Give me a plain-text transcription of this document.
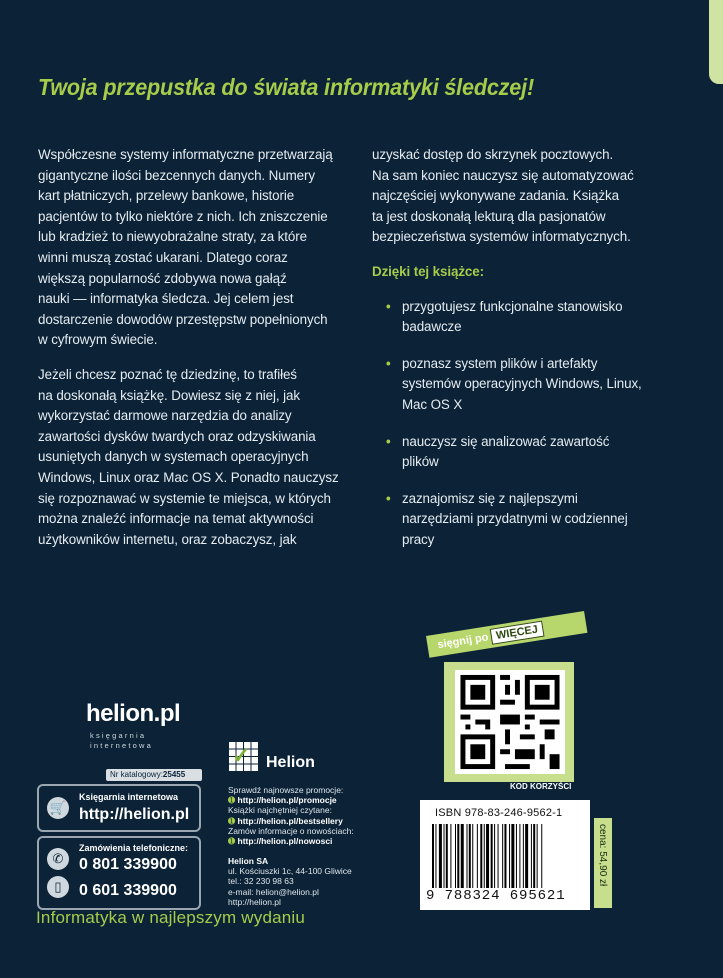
Twoja przepustka do świata informatyki śledczej!

Współczesne systemy informatyczne przetwarzają
gigantyczne ilości bezcennych danych. Numery
kart płatniczych, przelewy bankowe, historie
pacjentów to tylko niektóre z nich. Ich zniszczenie
lub kradzież to niewyobrażalne straty, za które
winni muszą zostać ukarani. Dlatego coraz
większą popularność zdobywa nowa gałąź
nauki — informatyka śledcza. Jej celem jest
dostarczenie dowodów przestępstw popełnionych
w cyfrowym świecie.

Jeżeli chcesz poznać tę dziedzinę, to trafiłeś
na doskonałą książkę. Dowiesz się z niej, jak
wykorzystać darmowe narzędzia do analizy
zawartości dysków twardych oraz odzyskiwania
usuniętych danych w systemach operacyjnych
Windows, Linux oraz Mac OS X. Ponadto nauczysz
się rozpoznawać w systemie te miejsca, w których
można znaleźć informacje na temat aktywności
użytkowników internetu, oraz zobaczysz, jak

uzyskać dostęp do skrzynek pocztowych.
Na sam koniec nauczysz się automatyzować
najczęściej wykonywane zadania. Książka
ta jest doskonałą lekturą dla pasjonatów
bezpieczeństwa systemów informatycznych.

Dzięki tej książce:
• przygotujesz funkcjonalne stanowisko
badawcze
• poznasz system plików i artefakty
systemów operacyjnych Windows, Linux,
Mac OS X
• nauczysz się analizować zawartość
plików
• zaznajomisz się z najlepszymi
narzędziami przydatnymi w codziennej
pracy
helion.pl
księgarnia
internetowa
Nr katalogowy:25455
🛒
Księgarnia internetowa
http://helion.pl
✆
▯
Zamówienia telefoniczne:
0 801 339900
0 601 339900
✓ Helion
Sprawdź najnowsze promocje:
➊ http://helion.pl/promocje
Książki najchętniej czytane:
➊ http://helion.pl/bestsellery
Zamów informacje o nowościach:
➊ http://helion.pl/nowosci
Helion SA
ul. Kościuszki 1c, 44-100 Gliwice
tel.: 32 230 98 63
e-mail: helion@helion.pl
http://helion.pl
Informatyka w najlepszym wydaniu
sięgnij po WIĘCEJ
KOD KORZYŚCI
ISBN 978-83-246-9562-1
9 788324 695621
cena: 54,90 zł
